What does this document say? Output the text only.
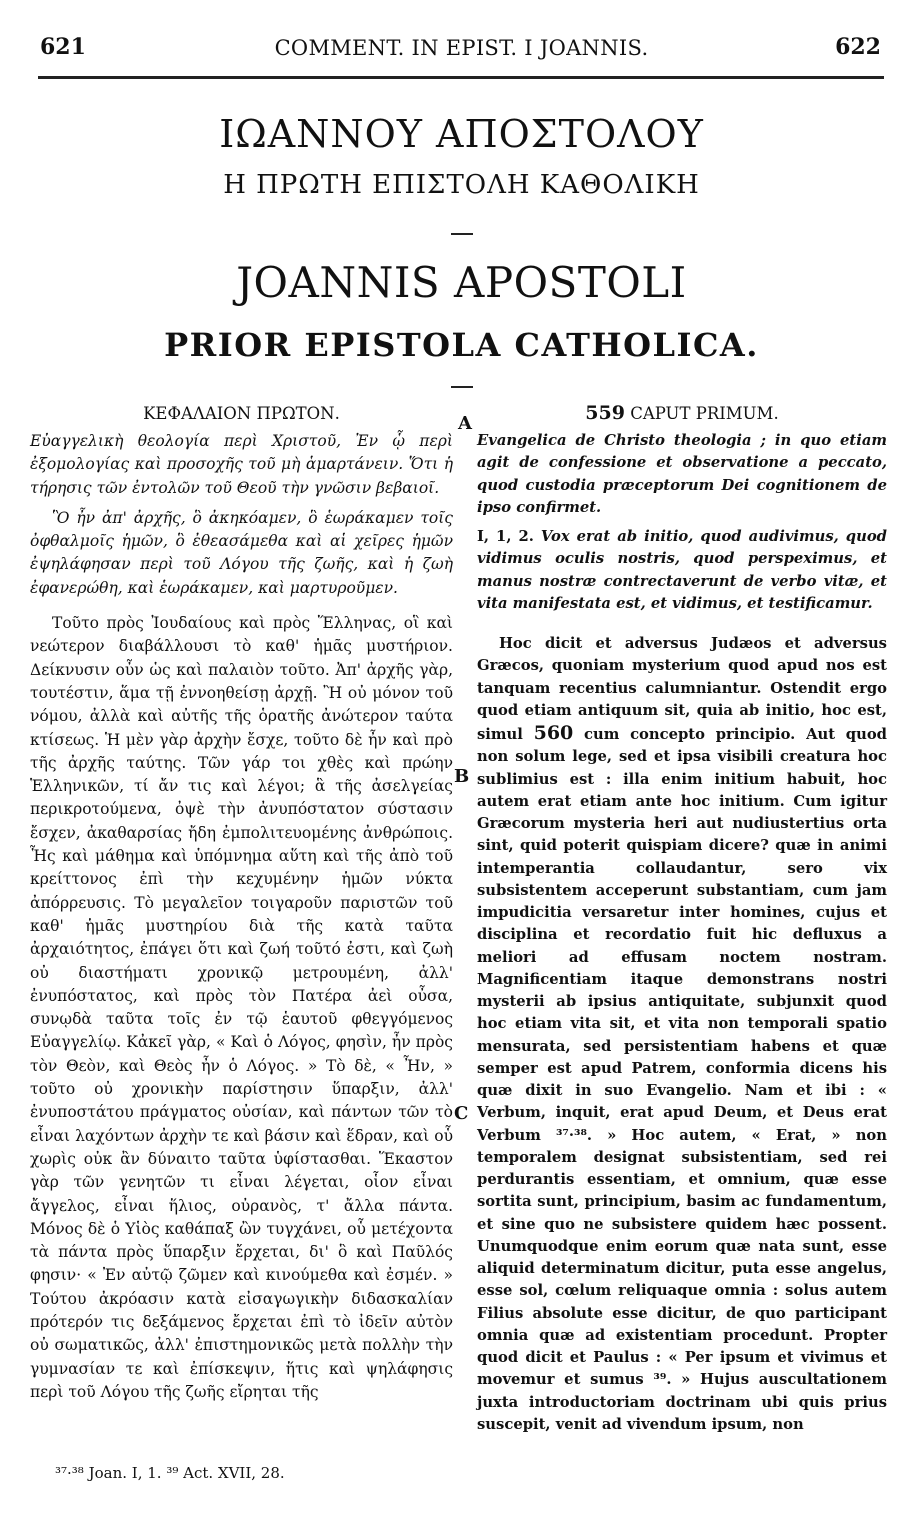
621	COMMENT. IN EPIST. I JOANNIS.	622
ΙΩΑΝΝΟΥ ΑΠΟΣΤΟΛΟΥ
Η ΠΡΩΤΗ ΕΠΙΣΤΟΛΗ ΚΑΘΟΛΙΚΗ
JOANNIS APOSTOLI
PRIOR EPISTOLA CATHOLICA.
A
B
C
ΚΕΦΑΛΑΙΟΝ ΠΡΩΤΟΝ.

Εὐαγγελικὴ θεολογία περὶ Χριστοῦ, Ἐν ᾧ περὶ ἐξομολογίας καὶ προσοχῆς τοῦ μὴ ἁμαρτάνειν. Ὅτι ἡ τήρησις τῶν ἐντολῶν τοῦ Θεοῦ τὴν γνῶσιν βεβαιοῖ.

Ὃ ἦν ἀπ' ἀρχῆς, ὃ ἀκηκόαμεν, ὃ ἑωράκαμεν τοῖς ὀφθαλμοῖς ἡμῶν, ὃ ἐθεασάμεθα καὶ αἱ χεῖρες ἡμῶν ἐψηλάφησαν περὶ τοῦ Λόγου τῆς ζωῆς, καὶ ἡ ζωὴ ἐφανερώθη, καὶ ἑωράκαμεν, καὶ μαρτυροῦμεν.

Τοῦτο πρὸς Ἰουδαίους καὶ πρὸς Ἕλληνας, οἳ καὶ νεώτερον διαβάλλουσι τὸ καθ' ἡμᾶς μυστήριον. Δείκνυσιν οὖν ὡς καὶ παλαιὸν τοῦτο. Ἀπ' ἀρχῆς γὰρ, τουτέστιν, ἅμα τῇ ἐννοηθείσῃ ἀρχῇ. Ἢ οὐ μόνον τοῦ νόμου, ἀλλὰ καὶ αὐτῆς τῆς ὁρατῆς ἀνώτερον ταύτα κτίσεως. Ἡ μὲν γὰρ ἀρχὴν ἔσχε, τοῦτο δὲ ἦν καὶ πρὸ τῆς ἀρχῆς ταύτης. Τῶν γάρ τοι χθὲς καὶ πρώην Ἑλληνικῶν, τί ἄν τις καὶ λέγοι; ἃ τῆς ἀσελγείας περικροτούμενα, ὀψὲ τὴν ἀνυπόστατον σύστασιν ἔσχεν, ἀκαθαρσίας ἤδη ἐμπολιτευομένης ἀνθρώποις. Ἧς καὶ μάθημα καὶ ὑπόμνημα αὕτη καὶ τῆς ἀπὸ τοῦ κρείττονος ἐπὶ τὴν κεχυμένην ἡμῶν νύκτα ἀπόρρευσις. Τὸ μεγαλεῖον τοιγαροῦν παριστῶν τοῦ καθ' ἡμᾶς μυστηρίου διὰ τῆς κατὰ ταῦτα ἀρχαιότητος, ἐπάγει ὅτι καὶ ζωή τοῦτό ἐστι, καὶ ζωὴ οὐ διαστήματι χρονικῷ μετρουμένη, ἀλλ' ἐνυπόστατος, καὶ πρὸς τὸν Πατέρα ἀεὶ οὖσα, συνῳδὰ ταῦτα τοῖς ἐν τῷ ἑαυτοῦ φθεγγόμενος Εὐαγγελίῳ. Κἀκεῖ γὰρ, « Καὶ ὁ Λόγος, φησὶν, ἦν πρὸς τὸν Θεὸν, καὶ Θεὸς ἦν ὁ Λόγος. » Τὸ δὲ, « Ἦν, » τοῦτο οὐ χρονικὴν παρίστησιν ὕπαρξιν, ἀλλ' ἐνυποστάτου πράγματος οὐσίαν, καὶ πάντων τῶν τὸ εἶναι λαχόντων ἀρχὴν τε καὶ βάσιν καὶ ἕδραν, καὶ οὗ χωρὶς οὐκ ἂν δύναιτο ταῦτα ὑφίστασθαι. Ἕκαστον γὰρ τῶν γενητῶν τι εἶναι λέγεται, οἷον εἶναι ἄγγελος, εἶναι ἥλιος, οὐρανὸς, τ' ἄλλα πάντα. Μόνος δὲ ὁ Υἱὸς καθάπαξ ὢν τυγχάνει, οὗ μετέχοντα τὰ πάντα πρὸς ὕπαρξιν ἔρχεται, δι' ὃ καὶ Παῦλός φησιν· « Ἐν αὐτῷ ζῶμεν καὶ κινούμεθα καὶ ἐσμέν. » Τούτου ἀκρόασιν κατὰ εἰσαγωγικὴν διδασκαλίαν πρότερόν τις δεξάμενος ἔρχεται ἐπὶ τὸ ἰδεῖν αὐτὸν οὐ σωματικῶς, ἀλλ' ἐπιστημονικῶς μετὰ πολλὴν τὴν γυμνασίαν τε καὶ ἐπίσκεψιν, ἥτις καὶ ψηλάφησις περὶ τοῦ Λόγου τῆς ζωῆς εἴρηται τῆς

559 CAPUT PRIMUM.

Evangelica de Christo theologia ; in quo etiam agit de confessione et observatione a peccato, quod custodia præceptorum Dei cognitionem de ipso confirmet.

I, 1, 2. Vox erat ab initio, quod audivimus, quod vidimus oculis nostris, quod perspeximus, et manus nostræ contrectaverunt de verbo vitæ, et vita manifestata est, et vidimus, et testificamur.

Hoc dicit et adversus Judæos et adversus Græcos, quoniam mysterium quod apud nos est tanquam recentius calumniantur. Ostendit ergo quod etiam antiquum sit, quia ab initio, hoc est, simul 560 cum concepto principio. Aut quod non solum lege, sed et ipsa visibili creatura hoc sublimius est : illa enim initium habuit, hoc autem erat etiam ante hoc initium. Cum igitur Græcorum mysteria heri aut nudiustertius orta sint, quid poterit quispiam dicere? quæ in animi intemperantia collaudantur, sero vix subsistentem acceperunt substantiam, cum jam impudicitia versaretur inter homines, cujus et disciplina et recordatio fuit hic defluxus a meliori ad effusam noctem nostram. Magnificentiam itaque demonstrans nostri mysterii ab ipsius antiquitate, subjunxit quod hoc etiam vita sit, et vita non temporali spatio mensurata, sed persistentiam habens et quæ semper est apud Patrem, conformia dicens his quæ dixit in suo Evangelio. Nam et ibi : « Verbum, inquit, erat apud Deum, et Deus erat Verbum ³⁷·³⁸. » Hoc autem, « Erat, » non temporalem designat subsistentiam, sed rei perdurantis essentiam, et omnium, quæ esse sortita sunt, principium, basim ac fundamentum, et sine quo ne subsistere quidem hæc possent. Unumquodque enim eorum quæ nata sunt, esse aliquid determinatum dicitur, puta esse angelus, esse sol, cœlum reliquaque omnia : solus autem Filius absolute esse dicitur, de quo participant omnia quæ ad existentiam procedunt. Propter quod dicit et Paulus : « Per ipsum et vivimus et movemur et sumus ³⁹. » Hujus auscultationem juxta introductoriam doctrinam ubi quis prius suscepit, venit ad vivendum ipsum, non

³⁷·³⁸ Joan. I, 1. ³⁹ Act. XVII, 28.
